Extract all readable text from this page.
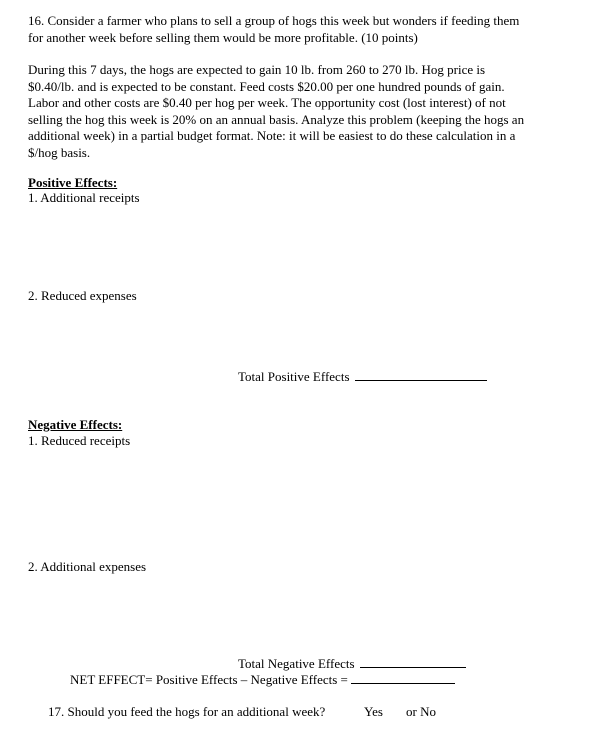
16. Consider a farmer who plans to sell a group of hogs this week but wonders if feeding them
for another week before selling them would be more profitable. (10 points)
During this 7 days, the hogs are expected to gain 10 lb. from 260 to 270 lb. Hog price is
$0.40/lb. and is expected to be constant. Feed costs $20.00 per one hundred pounds of gain.
Labor and other costs are $0.40 per hog per week. The opportunity cost (lost interest) of not
selling the hog this week is 20% on an annual basis. Analyze this problem (keeping the hogs an
additional week) in a partial budget format. Note: it will be easiest to do these calculation in a
$/hog basis.
Positive Effects:
1. Additional receipts
2. Reduced expenses
Total Positive Effects
Negative Effects:
1. Reduced receipts
2. Additional expenses
Total Negative Effects
NET EFFECT= Positive Effects – Negative Effects =
17. Should you feed the hogs for an additional week?	Yes or No
